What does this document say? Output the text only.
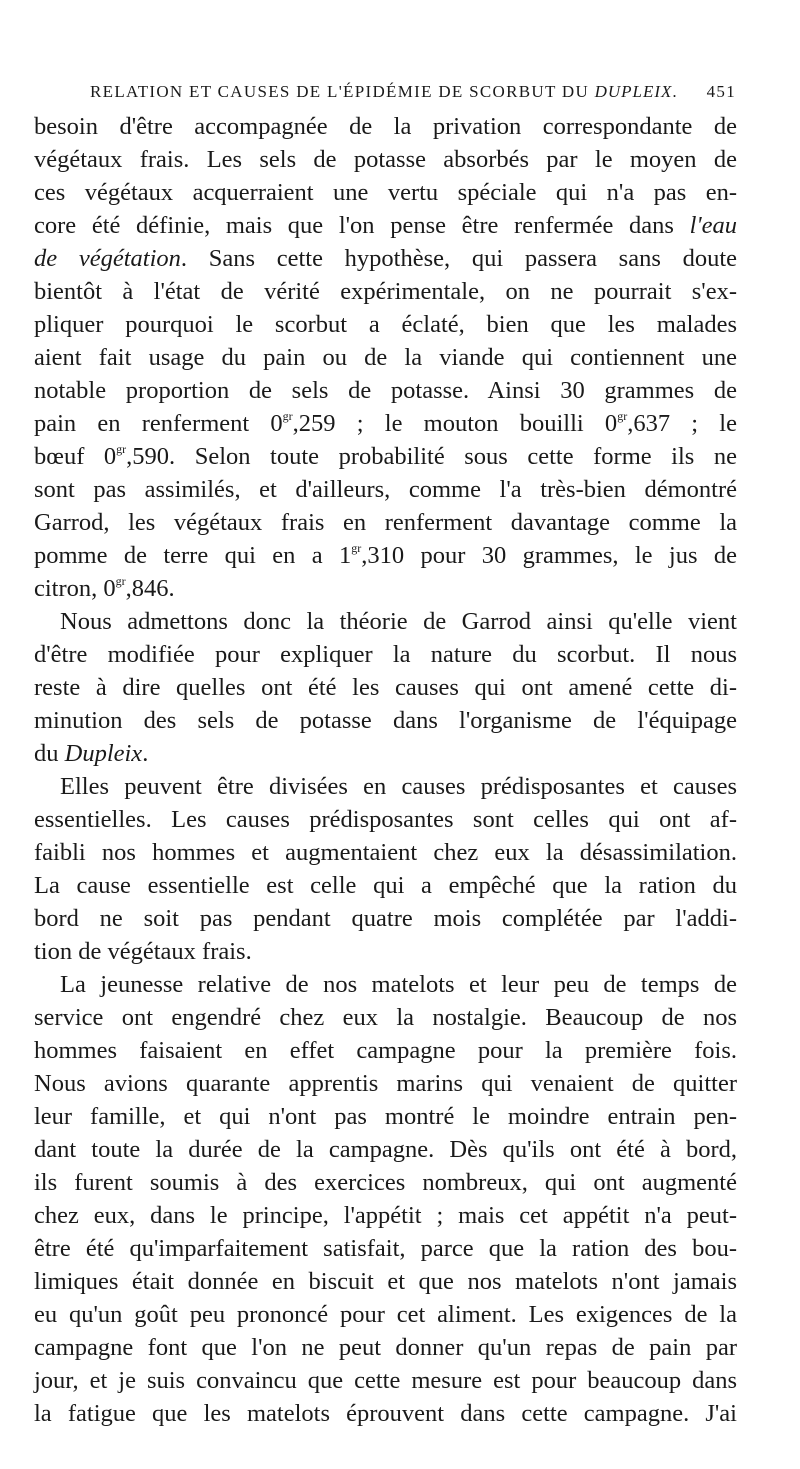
RELATION ET CAUSES DE L'ÉPIDÉMIE DE SCORBUT DU DUPLEIX. 451
besoin d'être accompagnée de la privation correspondante de
végétaux frais. Les sels de potasse absorbés par le moyen de
ces végétaux acquerraient une vertu spéciale qui n'a pas en-
core été définie, mais que l'on pense être renfermée dans l'eau
de végétation. Sans cette hypothèse, qui passera sans doute
bientôt à l'état de vérité expérimentale, on ne pourrait s'ex-
pliquer pourquoi le scorbut a éclaté, bien que les malades
aient fait usage du pain ou de la viande qui contiennent une
notable proportion de sels de potasse. Ainsi 30 grammes de
pain en renferment $0^{gr},259$ ; le mouton bouilli $0^{gr},637$ ; le
bœuf $0^{gr},590$. Selon toute probabilité sous cette forme ils ne
sont pas assimilés, et d'ailleurs, comme l'a très-bien démontré
Garrod, les végétaux frais en renferment davantage comme la
pomme de terre qui en a $1^{gr},310$ pour 30 grammes, le jus de
citron, $0^{gr},846$.
Nous admettons donc la théorie de Garrod ainsi qu'elle vient
d'être modifiée pour expliquer la nature du scorbut. Il nous
reste à dire quelles ont été les causes qui ont amené cette di-
minution des sels de potasse dans l'organisme de l'équipage
du Dupleix.
Elles peuvent être divisées en causes prédisposantes et causes
essentielles. Les causes prédisposantes sont celles qui ont af-
faibli nos hommes et augmentaient chez eux la désassimilation.
La cause essentielle est celle qui a empêché que la ration du
bord ne soit pas pendant quatre mois complétée par l'addi-
tion de végétaux frais.
La jeunesse relative de nos matelots et leur peu de temps de
service ont engendré chez eux la nostalgie. Beaucoup de nos
hommes faisaient en effet campagne pour la première fois.
Nous avions quarante apprentis marins qui venaient de quitter
leur famille, et qui n'ont pas montré le moindre entrain pen-
dant toute la durée de la campagne. Dès qu'ils ont été à bord,
ils furent soumis à des exercices nombreux, qui ont augmenté
chez eux, dans le principe, l'appétit ; mais cet appétit n'a peut-
être été qu'imparfaitement satisfait, parce que la ration des bou-
limiques était donnée en biscuit et que nos matelots n'ont jamais
eu qu'un goût peu prononcé pour cet aliment. Les exigences de la
campagne font que l'on ne peut donner qu'un repas de pain par
jour, et je suis convaincu que cette mesure est pour beaucoup dans
la fatigue que les matelots éprouvent dans cette campagne. J'ai
